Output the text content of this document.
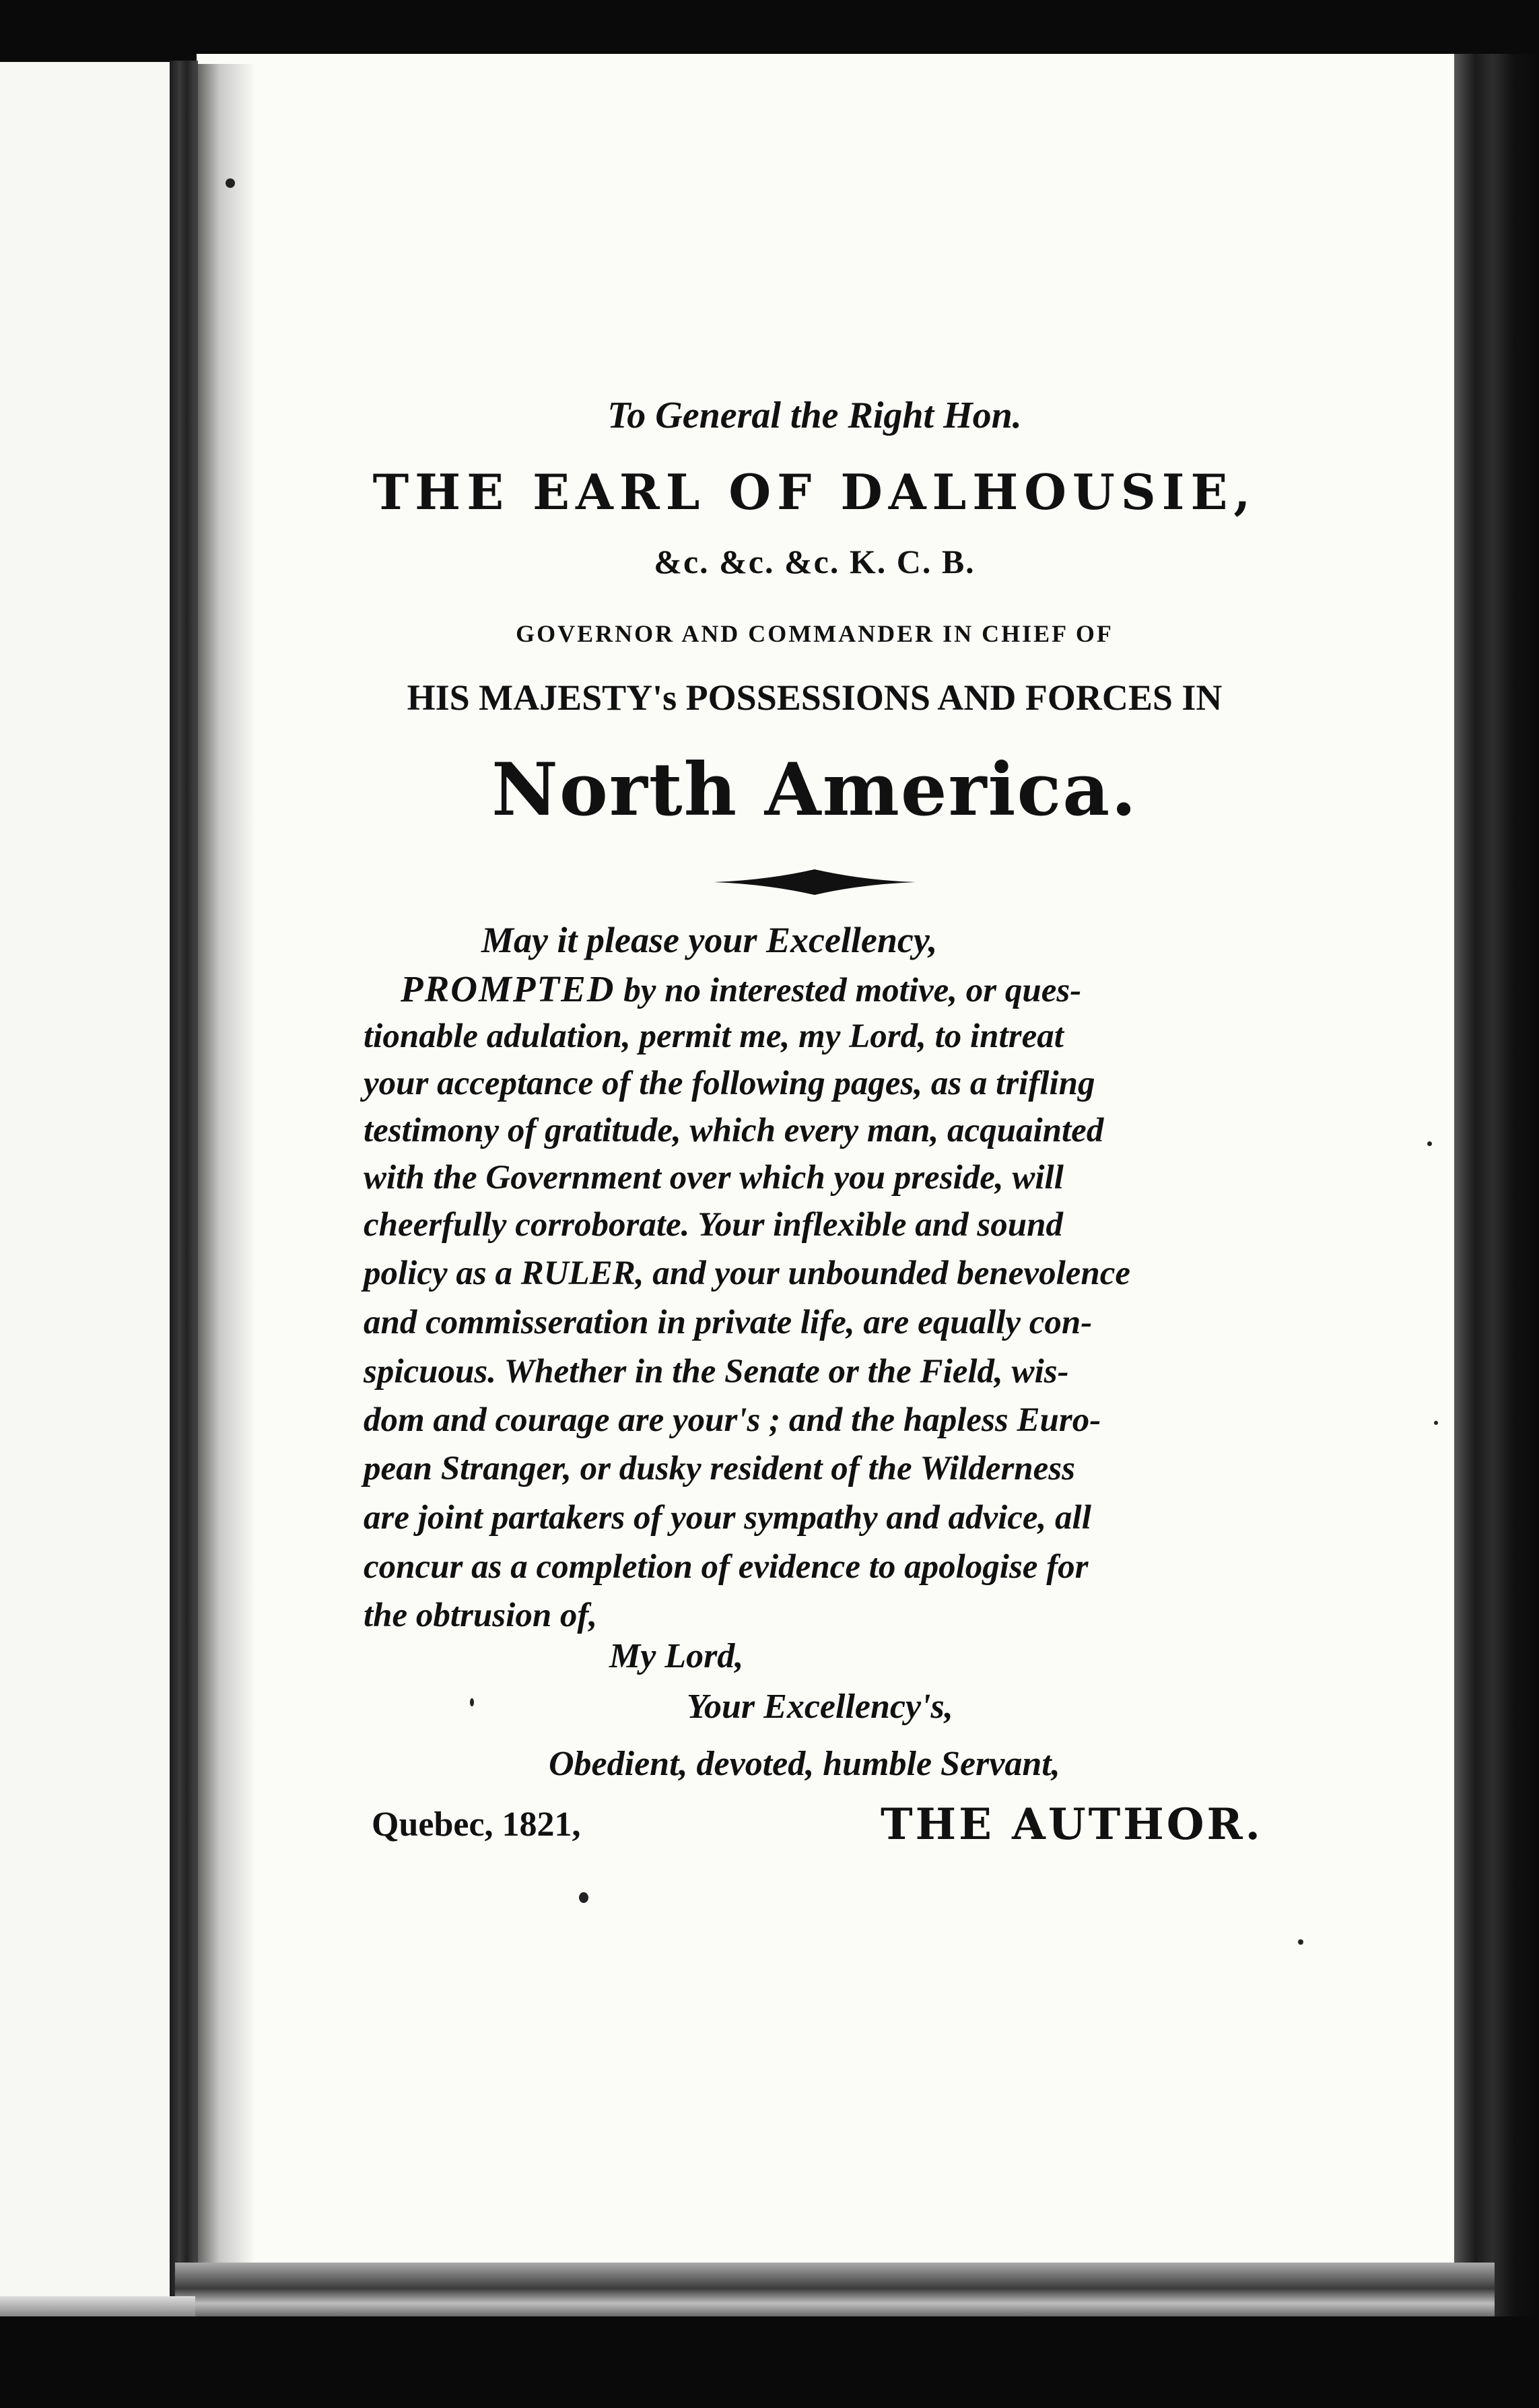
To General the Right Hon.
THE EARL OF DALHOUSIE,
&c. &c. &c. K. C. B.
GOVERNOR AND COMMANDER IN CHIEF OF
HIS MAJESTY's POSSESSIONS AND FORCES IN
North America.
May it please your Excellency,
PROMPTED by no interested motive, or ques-
tionable adulation, permit me, my Lord, to intreat
your acceptance of the following pages, as a trifling
testimony of gratitude, which every man, acquainted
with the Government over which you preside, will
cheerfully corroborate. Your inflexible and sound
policy as a RULER, and your unbounded benevolence
and commisseration in private life, are equally con-
spicuous. Whether in the Senate or the Field, wis-
dom and courage are your's ; and the hapless Euro-
pean Stranger, or dusky resident of the Wilderness
are joint partakers of your sympathy and advice, all
concur as a completion of evidence to apologise for
the obtrusion of,
My Lord,
Your Excellency's,
Obedient, devoted, humble Servant,
Quebec, 1821,	THE AUTHOR.
